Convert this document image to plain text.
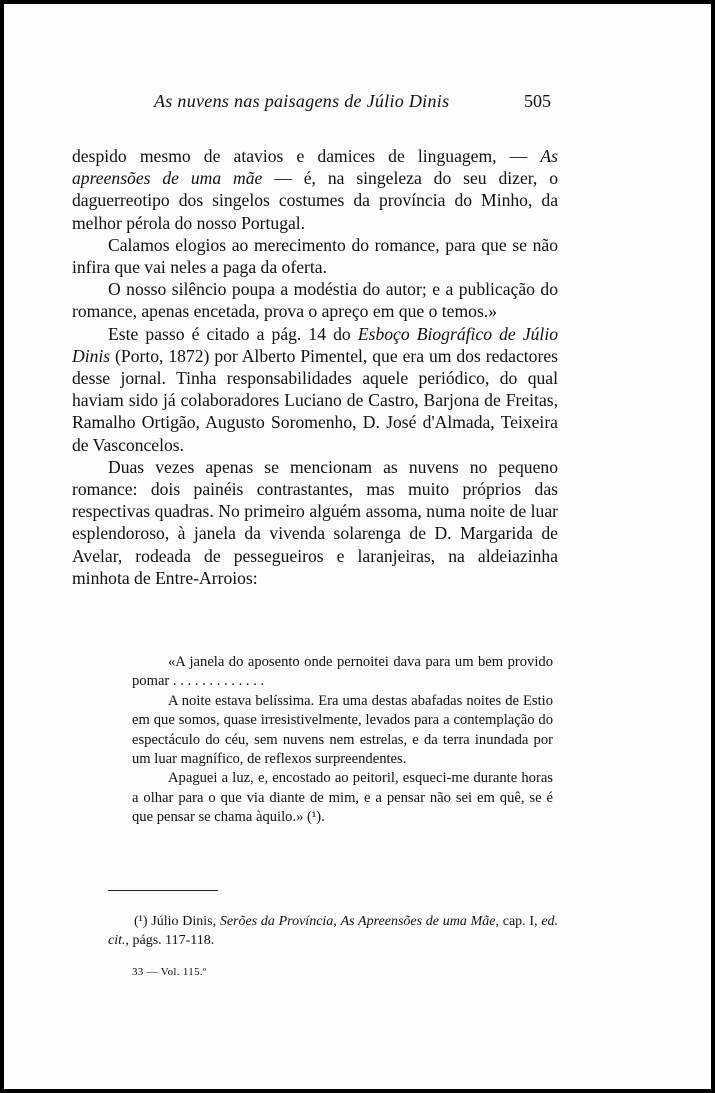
As nuvens nas paisagens de Júlio Dinis	505

despido mesmo de atavios e damices de linguagem, — As apreensões de uma mãe — é, na singeleza do seu dizer, o daguerreotipo dos singelos costumes da província do Minho, da melhor pérola do nosso Portugal.

Calamos elogios ao merecimento do romance, para que se não infira que vai neles a paga da oferta.

O nosso silêncio poupa a modéstia do autor; e a publicação do romance, apenas encetada, prova o apreço em que o temos.»

Este passo é citado a pág. 14 do Esboço Biográfico de Júlio Dinis (Porto, 1872) por Alberto Pimentel, que era um dos redactores desse jornal. Tinha responsabilidades aquele periódico, do qual haviam sido já colaboradores Luciano de Castro, Barjona de Freitas, Ramalho Ortigão, Augusto Soromenho, D. José d'Almada, Teixeira de Vasconcelos.

Duas vezes apenas se mencionam as nuvens no pequeno romance: dois painéis contrastantes, mas muito próprios das respectivas quadras. No primeiro alguém assoma, numa noite de luar esplendoroso, à janela da vivenda solarenga de D. Margarida de Avelar, rodeada de pessegueiros e laranjeiras, na aldeiazinha minhota de Entre-Arroios:

«A janela do aposento onde pernoitei dava para um bem provido pomar . . . . . . . . . . . . .

A noite estava belíssima. Era uma destas abafadas noites de Estio em que somos, quase irresistivelmente, levados para a contemplação do espectáculo do céu, sem nuvens nem estrelas, e da terra inundada por um luar magnífico, de reflexos surpreendentes.

Apaguei a luz, e, encostado ao peitoril, esqueci-me durante horas a olhar para o que via diante de mim, e a pensar não sei em quê, se é que pensar se chama àquilo.» (¹).

(¹) Júlio Dinis, Serões da Província, As Apreensões de uma Mãe, cap. I, ed. cit., págs. 117-118.

33 — Vol. 115.º
